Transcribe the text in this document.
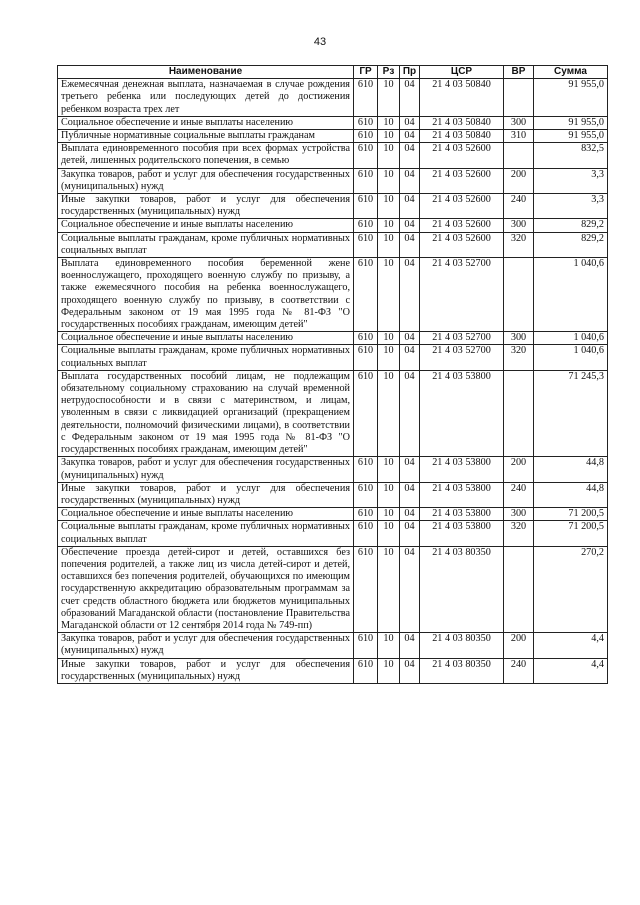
43
Наименование	ГР	Рз	Пр	ЦСР	ВР	Сумма
Ежемесячная денежная выплата, назначаемая в случае рождения третьего ребенка или последующих детей до достижения ребенком возраста трех лет	610	10	04	21 4 03 50840		91 955,0
Социальное обеспечение и иные выплаты населению	610	10	04	21 4 03 50840	300	91 955,0
Публичные нормативные социальные выплаты гражданам	610	10	04	21 4 03 50840	310	91 955,0
Выплата единовременного пособия при всех формах устройства детей, лишенных родительского попечения, в семью	610	10	04	21 4 03 52600		832,5
Закупка товаров, работ и услуг для обеспечения государственных (муниципальных) нужд	610	10	04	21 4 03 52600	200	3,3
Иные закупки товаров, работ и услуг для обеспечения государственных (муниципальных) нужд	610	10	04	21 4 03 52600	240	3,3
Социальное обеспечение и иные выплаты населению	610	10	04	21 4 03 52600	300	829,2
Социальные выплаты гражданам, кроме публичных нормативных социальных выплат	610	10	04	21 4 03 52600	320	829,2
Выплата единовременного пособия беременной жене военнослужащего, проходящего военную службу по призыву, а также ежемесячного пособия на ребенка военнослужащего, проходящего военную службу по призыву, в соответствии с Федеральным законом от 19 мая 1995 года № 81-ФЗ "О государственных пособиях гражданам, имеющим детей"	610	10	04	21 4 03 52700		1 040,6
Социальное обеспечение и иные выплаты населению	610	10	04	21 4 03 52700	300	1 040,6
Социальные выплаты гражданам, кроме публичных нормативных социальных выплат	610	10	04	21 4 03 52700	320	1 040,6
Выплата государственных пособий лицам, не подлежащим обязательному социальному страхованию на случай временной нетрудоспособности и в связи с материнством, и лицам, уволенным в связи с ликвидацией организаций (прекращением деятельности, полномочий физическими лицами), в соответствии с Федеральным законом от 19 мая 1995 года № 81-ФЗ "О государственных пособиях гражданам, имеющим детей"	610	10	04	21 4 03 53800		71 245,3
Закупка товаров, работ и услуг для обеспечения государственных (муниципальных) нужд	610	10	04	21 4 03 53800	200	44,8
Иные закупки товаров, работ и услуг для обеспечения государственных (муниципальных) нужд	610	10	04	21 4 03 53800	240	44,8
Социальное обеспечение и иные выплаты населению	610	10	04	21 4 03 53800	300	71 200,5
Социальные выплаты гражданам, кроме публичных нормативных социальных выплат	610	10	04	21 4 03 53800	320	71 200,5
Обеспечение проезда детей-сирот и детей, оставшихся без попечения родителей, а также лиц из числа детей-сирот и детей, оставшихся без попечения родителей, обучающихся по имеющим государственную аккредитацию образовательным программам за счет средств областного бюджета или бюджетов муниципальных образований Магаданской области (постановление Правительства Магаданской области от 12 сентября 2014 года № 749-пп)	610	10	04	21 4 03 80350		270,2
Закупка товаров, работ и услуг для обеспечения государственных (муниципальных) нужд	610	10	04	21 4 03 80350	200	4,4
Иные закупки товаров, работ и услуг для обеспечения государственных (муниципальных) нужд	610	10	04	21 4 03 80350	240	4,4
